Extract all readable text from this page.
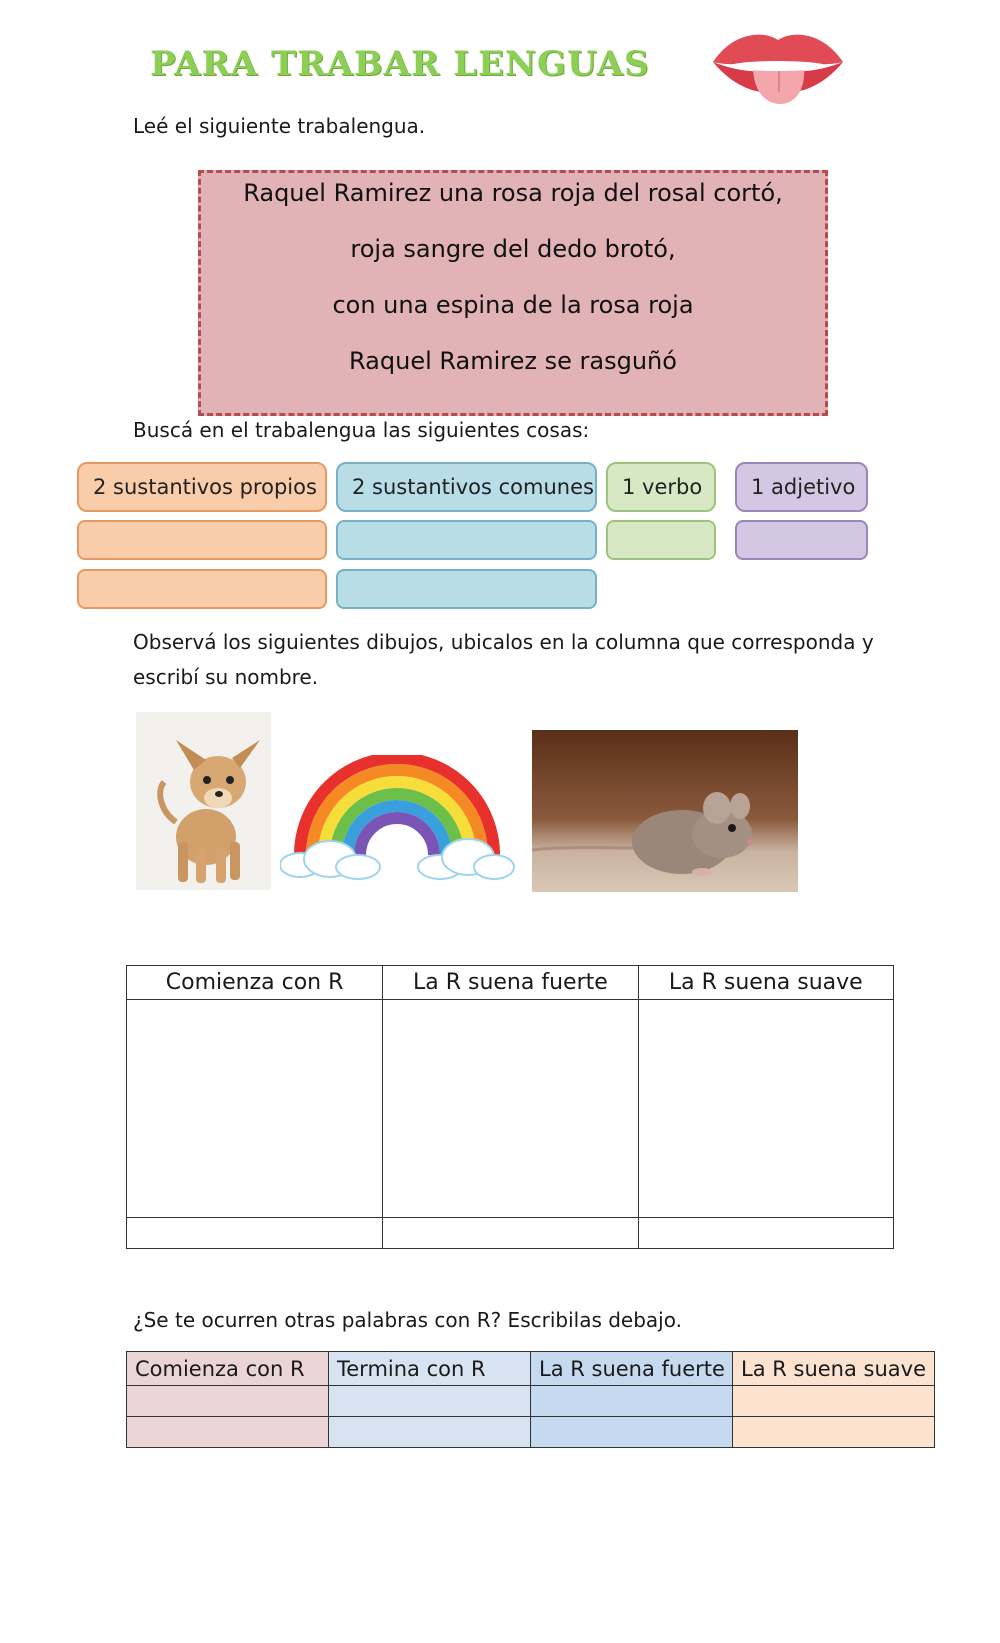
PARA TRABAR LENGUAS
Leé el siguiente trabalengua.
Raquel Ramirez una rosa roja del rosal cortó,
roja sangre del dedo brotó,
con una espina de la rosa roja
Raquel Ramirez se rasguñó
Buscá en el trabalengua las siguientes cosas:
2 sustantivos propios	2 sustantivos comunes	1 verbo	1 adjetivo
Observá los siguientes dibujos, ubicalos en la columna que corresponda y
escribí su nombre.
Comienza con R	La R suena fuerte	La R suena suave

¿Se te ocurren otras palabras con R? Escribilas debajo.
Comienza con R	Termina con R	La R suena fuerte	La R suena suave
